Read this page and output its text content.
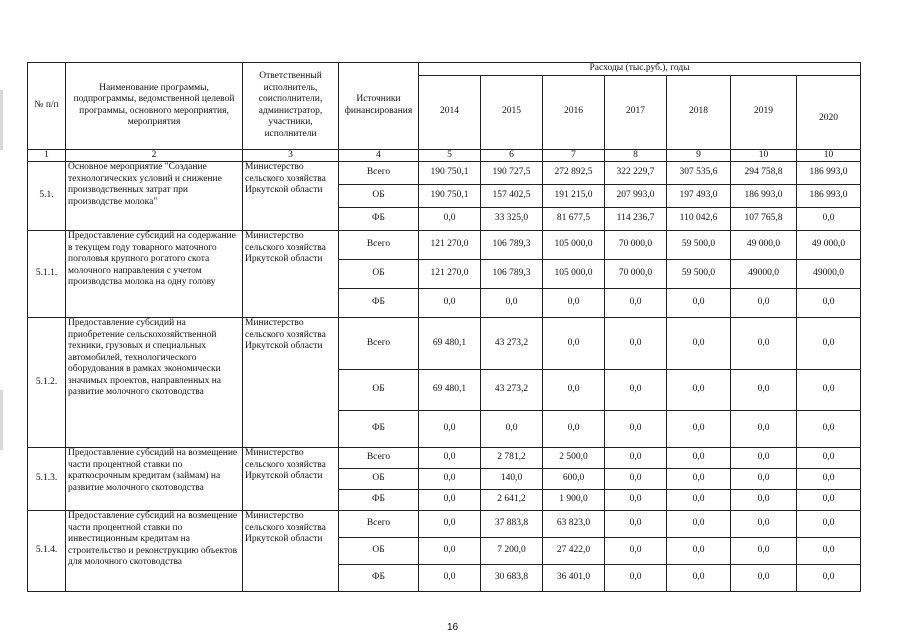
№ п/п	Наименование программы, подпрограммы, ведомственной целевой программы, основного мероприятия, мероприятия	Ответственный исполнитель, соисполнители, администратор, участники, исполнители	Источники финансирования	Расходы (тыс.руб.), годы						
				2014	2015	2016	2017	2018	2019	2020
1	2	3	4	5	6	7	8	9	10	10
5.1.	Основное мероприятие "Создание технологических условий и снижение производственных затрат при производстве молока"	Министерство сельского хозяйства Иркутской области	Всего	190 750,1	190 727,5	272 892,5	322 229,7	307 535,6	294 758,8	186 993,0
			ОБ	190 750,1	157 402,5	191 215,0	207 993,0	197 493,0	186 993,0	186 993,0
			ФБ	0,0	33 325,0	81 677,5	114 236,7	110 042,6	107 765,8	0,0
5.1.1.	Предоставление субсидий на содержание в текущем году товарного маточного поголовья крупного рогатого скота молочного направления с учетом производства молока на одну голову	Министерство сельского хозяйства Иркутской области	Всего	121 270,0	106 789,3	105 000,0	70 000,0	59 500,0	49 000,0	49 000,0
			ОБ	121 270,0	106 789,3	105 000,0	70 000,0	59 500,0	49000,0	49000,0
			ФБ	0,0	0,0	0,0	0,0	0,0	0,0	0,0
5.1.2.	Предоставление субсидий на приобретение сельскохозяйственной техники, грузовых и специальных автомобилей, технологического оборудования в рамках экономически значимых проектов, направленных на развитие молочного скотоводства	Министерство сельского хозяйства Иркутской области	Всего	69 480,1	43 273,2	0,0	0,0	0,0	0,0	0,0
			ОБ	69 480,1	43 273,2	0,0	0,0	0,0	0,0	0,0
			ФБ	0,0	0,0	0,0	0,0	0,0	0,0	0,0
5.1.3.	Предоставление субсидий на возмещение части процентной ставки по краткосрочным кредитам (займам) на развитие молочного скотоводства	Министерство сельского хозяйства Иркутской области	Всего	0,0	2 781,2	2 500,0	0,0	0,0	0,0	0,0
			ОБ	0,0	140,0	600,0	0,0	0,0	0,0	0,0
			ФБ	0,0	2 641,2	1 900,0	0,0	0,0	0,0	0,0
5.1.4.	Предоставление субсидий на возмещение части процентной ставки по инвестиционным кредитам на строительство и реконструкцию объектов для молочного скотоводства	Министерство сельского хозяйства Иркутской области	Всего	0,0	37 883,8	63 823,0	0,0	0,0	0,0	0,0
			ОБ	0,0	7 200,0	27 422,0	0,0	0,0	0,0	0,0
			ФБ	0,0	30 683,8	36 401,0	0,0	0,0	0,0	0,0
16
